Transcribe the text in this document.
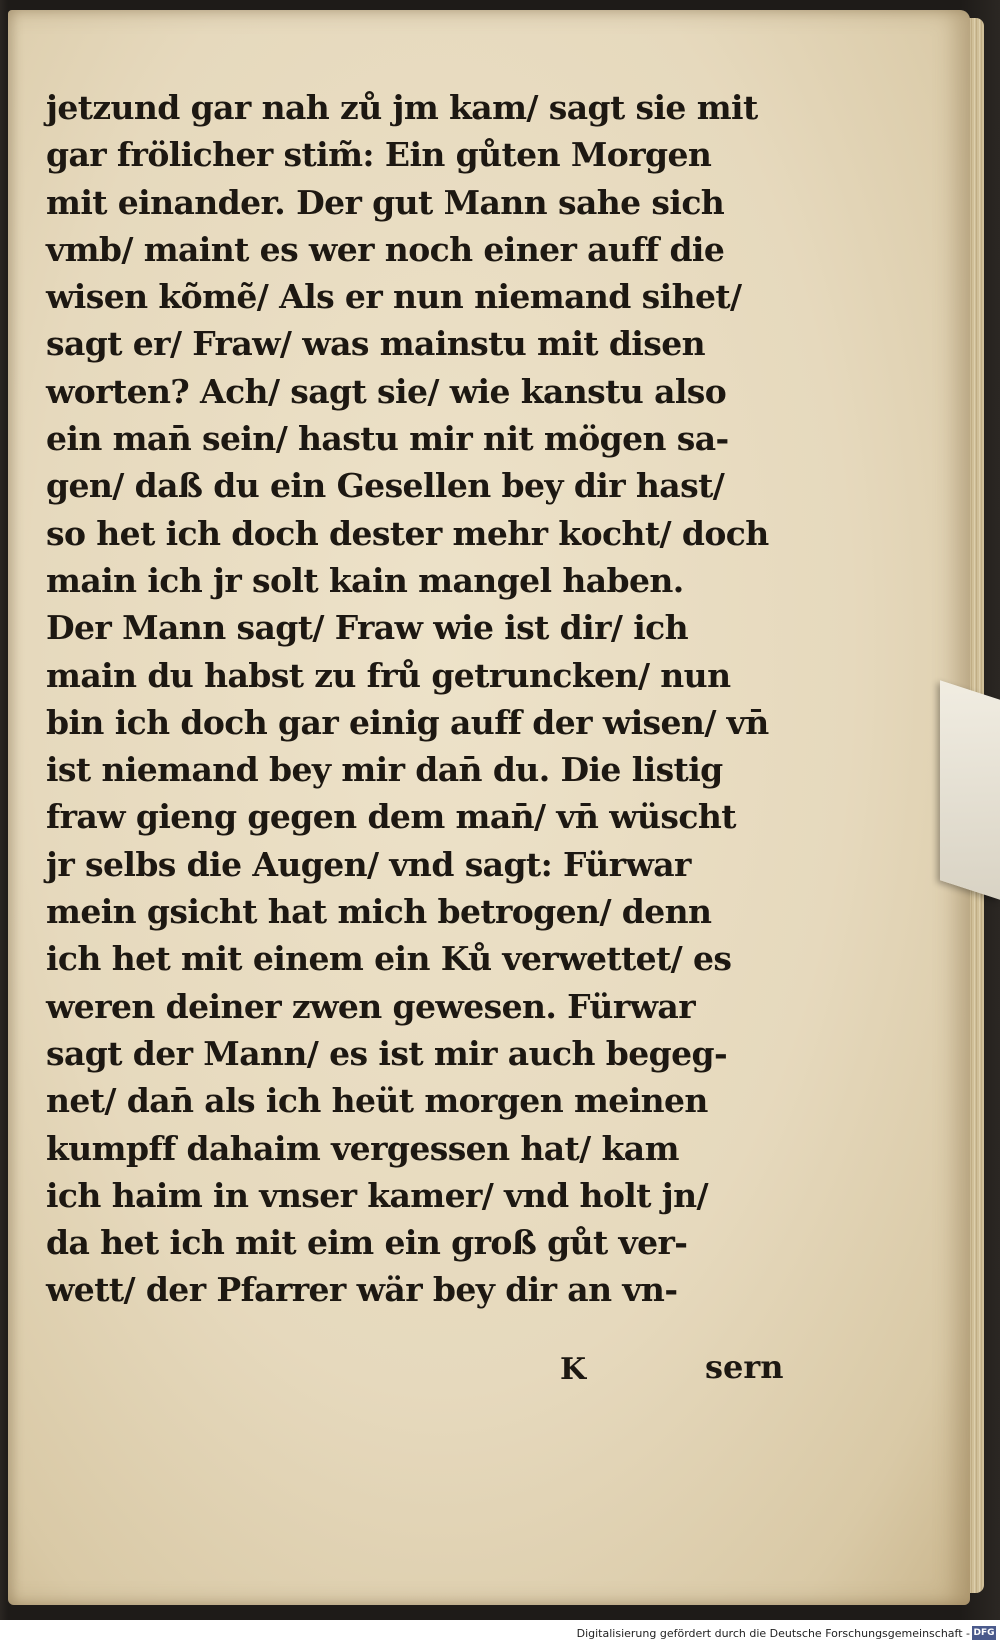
jetzund gar nah zů jm kam/ sagt sie mit
gar frölicher stim̃: Ein gůten Morgen
mit einander. Der gut Mann sahe sich
vmb/ maint es wer noch einer auff die
wisen kõmẽ/ Als er nun niemand sihet/
sagt er/ Fraw/ was mainstu mit disen
worten? Ach/ sagt sie/ wie kanstu also
ein man̄ sein/ hastu mir nit mögen sa-
gen/ daß du ein Gesellen bey dir hast/
so het ich doch dester mehr kocht/ doch
main ich jr solt kain mangel haben.
Der Mann sagt/ Fraw wie ist dir/ ich
main du habst zu frů getruncken/ nun
bin ich doch gar einig auff der wisen/ vn̄
ist niemand bey mir dan̄ du. Die listig
fraw gieng gegen dem man̄/ vn̄ wüscht
jr selbs die Augen/ vnd sagt: Fürwar
mein gsicht hat mich betrogen/ denn
ich het mit einem ein Ků verwettet/ es
weren deiner zwen gewesen. Fürwar
sagt der Mann/ es ist mir auch begeg-
net/ dan̄ als ich heüt morgen meinen
kumpff dahaim vergessen hat/ kam
ich haim in vnser kamer/ vnd holt jn/
da het ich mit eim ein groß gůt ver-
wett/ der Pfarrer wär bey dir an vn-
K	sern
Digitalisierung gefördert durch die Deutsche Forschungsgemeinschaft - DFG
